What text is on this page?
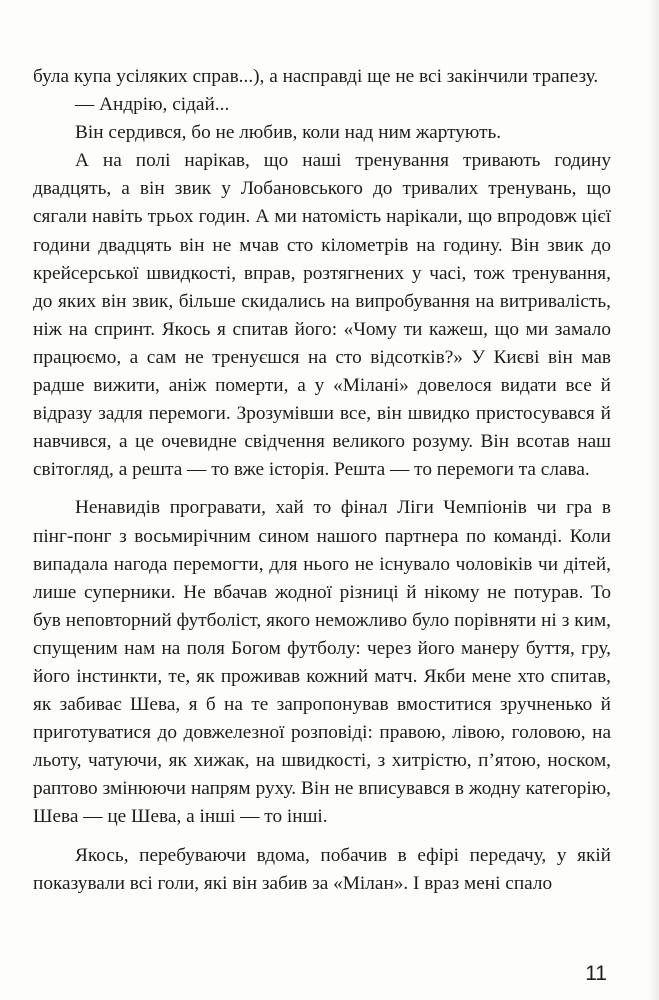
була купа усіляких справ...), а насправді ще не всі закінчили трапезу.

— Андрію, сідай...

Він сердився, бо не любив, коли над ним жартують.

А на полі нарікав, що наші тренування тривають годину двадцять, а він звик у Лобановського до тривалих тренувань, що сягали навіть трьох годин. А ми натомість нарікали, що впродовж цієї години двадцять він не мчав сто кілометрів на годину. Він звик до крейсерської швидкості, вправ, розтягнених у часі, тож тренування, до яких він звик, більше скидались на випробування на витривалість, ніж на спринт. Якось я спитав його: «Чому ти кажеш, що ми замало працюємо, а сам не тренуєшся на сто відсотків?» У Києві він мав радше вижити, аніж померти, а у «Мілані» довелося видати все й відразу задля перемоги. Зрозумівши все, він швидко пристосувався й навчився, а це очевидне свідчення великого розуму. Він всотав наш світогляд, а решта — то вже історія. Решта — то перемоги та слава.

Ненавидів програвати, хай то фінал Ліги Чемпіонів чи гра в пінг-понг з восьмирічним сином нашого партнера по команді. Коли випадала нагода перемогти, для нього не існувало чоловіків чи дітей, лише суперники. Не вбачав жодної різниці й нікому не потурав. То був неповторний футболіст, якого неможливо було порівняти ні з ким, спущеним нам на поля Богом футболу: через його манеру буття, гру, його інстинкти, те, як проживав кожний матч. Якби мене хто спитав, як забиває Шева, я б на те запропонував вмоститися зручненько й приготуватися до довжелезної розповіді: правою, лівою, головою, на льоту, чатуючи, як хижак, на швидкості, з хитрістю, п’ятою, носком, раптово змінюючи напрям руху. Він не вписувався в жодну категорію, Шева — це Шева, а інші — то інші.

Якось, перебуваючи вдома, побачив в ефірі передачу, у якій показували всі голи, які він забив за «Мілан». І враз мені спало

11
